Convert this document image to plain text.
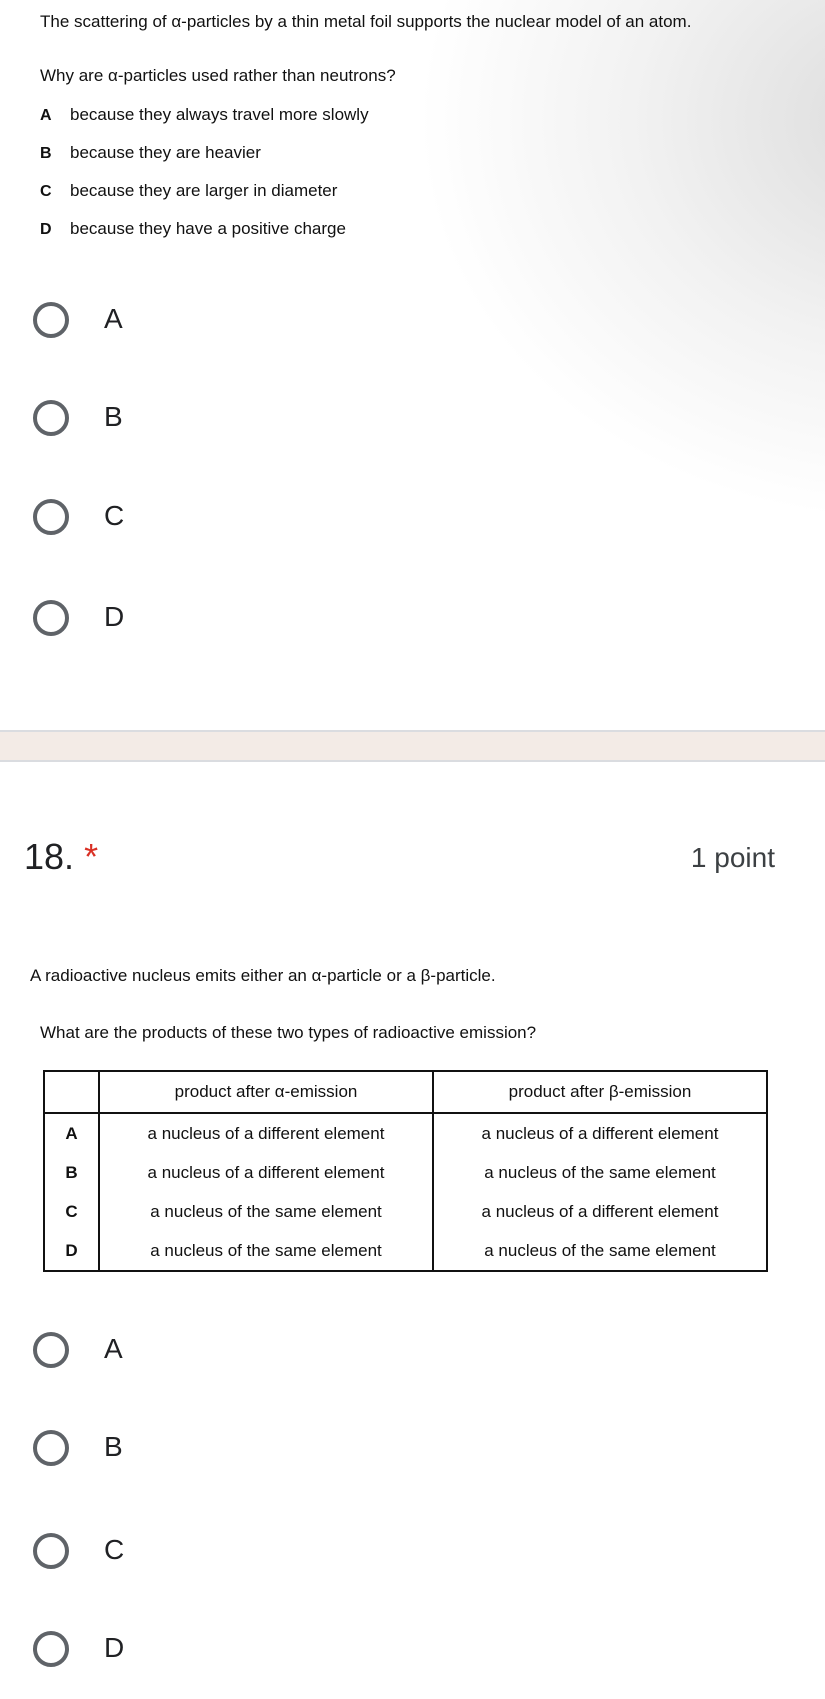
The scattering of α-particles by a thin metal foil supports the nuclear model of an atom.
Why are α-particles used rather than neutrons?
A because they always travel more slowly
B because they are heavier
C because they are larger in diameter
D because they have a positive charge
A
B
C
D
18. *	1 point
A radioactive nucleus emits either an α-particle or a β-particle.
What are the products of these two types of radioactive emission?
	product after α-emission	product after β-emission
A	a nucleus of a different element	a nucleus of a different element
B	a nucleus of a different element	a nucleus of the same element
C	a nucleus of the same element	a nucleus of a different element
D	a nucleus of the same element	a nucleus of the same element
A
B
C
D
